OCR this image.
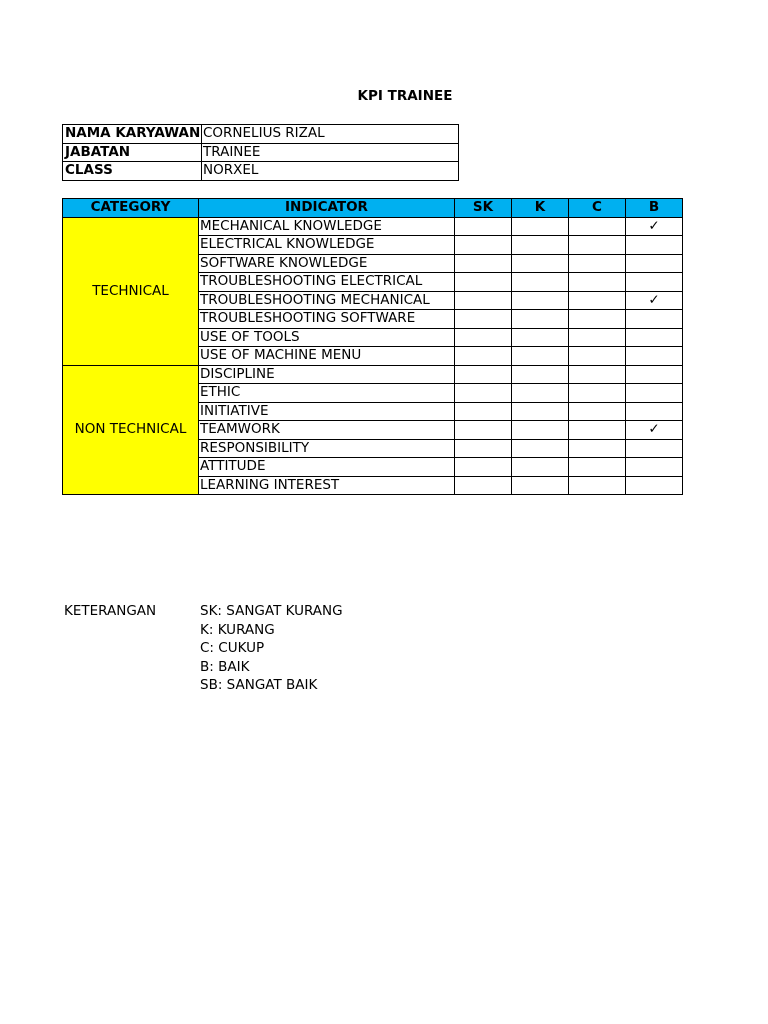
KPI TRAINEE
NAMA KARYAWAN	CORNELIUS RIZAL
JABATAN	TRAINEE
CLASS	NORXEL
CATEGORY	INDICATOR	SK	K	C	B
TECHNICAL	MECHANICAL KNOWLEDGE				✓
	ELECTRICAL KNOWLEDGE				
	SOFTWARE KNOWLEDGE				
	TROUBLESHOOTING ELECTRICAL				
	TROUBLESHOOTING MECHANICAL				✓
	TROUBLESHOOTING SOFTWARE				
	USE OF TOOLS				
	USE OF MACHINE MENU				
NON TECHNICAL	DISCIPLINE				
	ETHIC				
	INITIATIVE				
	TEAMWORK				✓
	RESPONSIBILITY				
	ATTITUDE				
	LEARNING INTEREST				
KETERANGAN	SK: SANGAT KURANG
K: KURANG
C: CUKUP
B: BAIK
SB: SANGAT BAIK
